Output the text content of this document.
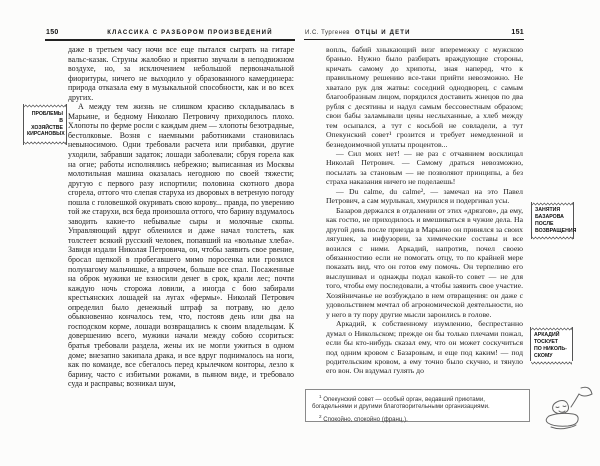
150	КЛАССИКА С РАЗБОРОМ ПРОИЗВЕДЕНИЙ
ПРОБЛЕМЫ
В ХОЗЯЙСТВЕ
КИРСАНОВЫХ

даже в третьем часу ночи все еще пытался сыграть на гитаре вальс-казак. Струны жалобно и приятно звучали в неподвижном воздухе, но, за исключением небольшой первоначальной фиоритуры, ничего не выходило у образованного камердинера: природа отказала ему в музыкальной способности, как и во всех других.

А между тем жизнь не слишком красиво складывалась в Марьине, и бедному Николаю Петровичу приходилось плохо. Хлопоты по ферме росли с каждым днем — хлопоты безотрадные, бестолковые. Возня с наемными работниками становилась невыносимою. Одни требовали расчета или прибавки, другие уходили, забравши задаток; лошади заболевали; сбруя горела как на огне; работы исполнялись небрежно; выписанная из Москвы молотильная машина оказалась негодною по своей тяжести; другую с первого разу испортили; половина скотного двора сгорела, оттого что слепая старуха из дворовых в ветреную погоду пошла с головешкой окуривать свою корову... правда, по уверению той же старухи, вся беда произошла оттого, что барину вздумалось заводить какие-то небывалые сыры и молочные скопы. Управляющий вдруг обленился и даже начал толстеть, как толстеет всякий русский человек, попавший на «вольные хлеба». Завидя издали Николая Петровича, он, чтобы заявить свое рвение, бросал щепкой в пробегавшего мимо поросенка или грозился полунагому мальчишке, а впрочем, больше все спал. Посаженные на оброк мужики не взносили денег в срок, крали лес; почти каждую ночь сторожа ловили, а иногда с бою забирали крестьянских лошадей на лугах «фермы». Николай Петрович определил было денежный штраф за потраву, но дело обыкновенно кончалось тем, что, постояв день или два на господском корме, лошади возвращались к своим владельцам. К довершению всего, мужики начали между собою ссориться: братья требовали раздела, жены их не могли ужиться в одном доме; внезапно закипала драка, и все вдруг поднималось на ноги, как по команде, все сбегалось перед крылечком конторы, лезло к барину, часто с избитыми рожами, в пьяном виде, и требовало суда и расправы; возникал шум,

И.С. Тургенев ОТЦЫ И ДЕТИ	151

вопль, бабий хныкающий визг вперемежку с мужскою бранью. Нужно было разбирать враждующие стороны, кричать самому до хрипоты, зная наперед, что к правильному решению все-таки прийти невозможно. Не хватало рук для жатвы: соседний однодворец, с самым благообразным лицом, порядился доставить жнецов по два рубля с десятины и надул самым бессовестным образом; свои бабы заламывали цены неслыханные, а хлеб между тем осыпался, а тут с косьбой не совладели, а тут Опекунский совет¹ грозится и требует немедленной и безнедоимочной уплаты процентов...

— Сил моих нет! — не раз с отчаянием восклицал Николай Петрович. — Самому драться невозможно, посылать за становым — не позволяют принципы, а без страха наказания ничего не поделаешь!

— Du calme, du calme², — замечал на это Павел Петрович, а сам мурлыкал, хмурился и подергивал усы.

Базаров держался в отдалении от этих «дрязгов», да ему, как гостю, не приходилось и вмешиваться в чужие дела. На другой день после приезда в Марьино он принялся за своих лягушек, за инфузории, за химические составы и все возился с ними. Аркадий, напротив, почел своею обязанностию если не помогать отцу, то по крайней мере показать вид, что он готов ему помочь. Он терпеливо его выслушивал и однажды подал какой-то совет — не для того, чтобы ему последовали, а чтобы заявить свое участие. Хозяйничанье не возбуждало в нем отвращения: он даже с удовольствием мечтал об агрономической деятельности, но у него в ту пору другие мысли зароились в голове.

Аркадий, к собственному изумлению, беспрестанно думал о Никольском; прежде он бы только плечами пожал, если бы кто-нибудь сказал ему, что он может соскучиться под одним кровом с Базаровым, и еще под каким! — под родительским кровом, а ему точно было скучно, и тянуло его вон. Он вздумал гулять до

ЗАНЯТИЯ
БАЗАРОВА
ПОСЛЕ
ВОЗВРАЩЕНИЯ
АРКАДИЙ
ТОСКУЕТ
ПО НИКОЛЬ-
СКОМУ

$^1$ Опекунский совет — особый орган, ведавший приютами, богадельнями и другими благотворительными организациями.

$^2$ Спокойно, спокойно (франц.).
